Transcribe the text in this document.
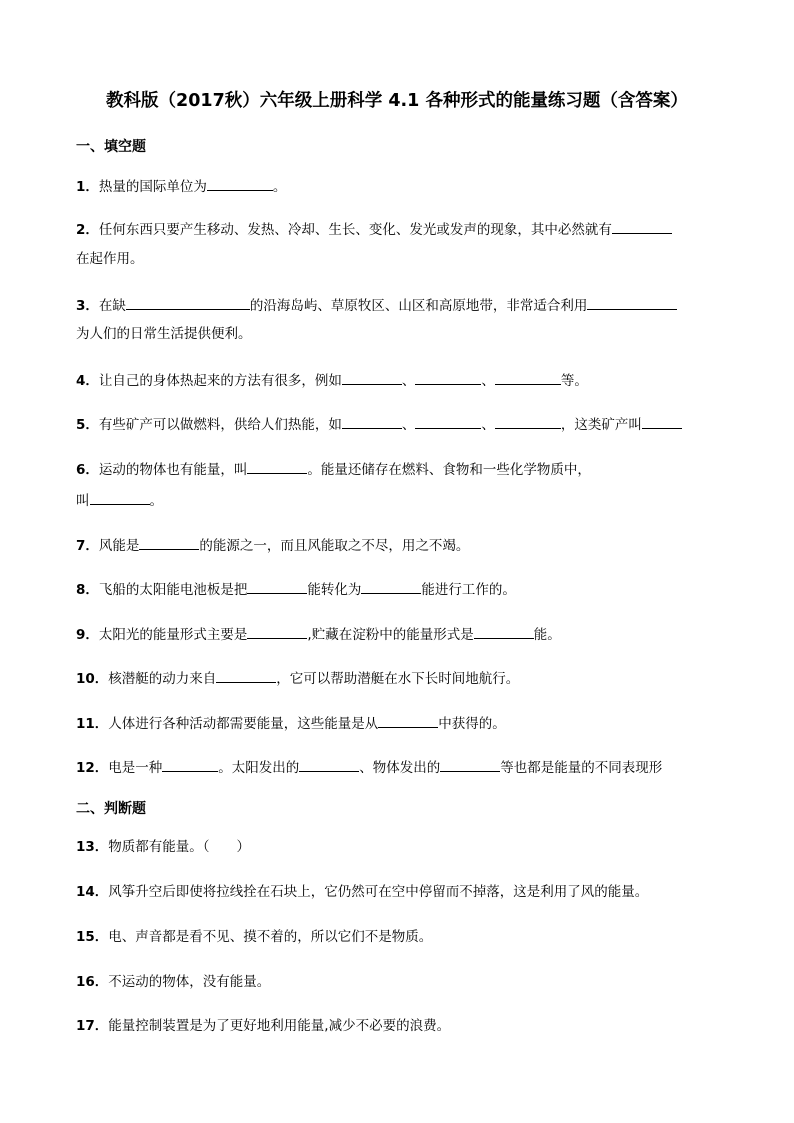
教科版（2017秋）六年级上册科学 4.1 各种形式的能量练习题（含答案）
一、填空题
1．热量的国际单位为	。
2．任何东西只要产生移动、发热、冷却、生长、变化、发光或发声的现象，其中必然就有
在起作用。
3．在缺	的沿海岛屿、草原牧区、山区和高原地带，非常适合利用
为人们的日常生活提供便利。
4．让自己的身体热起来的方法有很多，例如	、	、	等。
5．有些矿产可以做燃料，供给人们热能，如	、	、	，这类矿产叫
6．运动的物体也有能量，叫	。能量还储存在燃料、食物和一些化学物质中，
叫	。
7．风能是	的能源之一，而且风能取之不尽，用之不竭。
8．飞船的太阳能电池板是把	能转化为	能进行工作的。
9．太阳光的能量形式主要是	,贮藏在淀粉中的能量形式是	能。
10．核潜艇的动力来自	，它可以帮助潜艇在水下长时间地航行。
11．人体进行各种活动都需要能量，这些能量是从	中获得的。
12．电是一种	。太阳发出的	、物体发出的	等也都是能量的不同表现形
二、判断题
13．物质都有能量。（　　）
14．风筝升空后即使将拉线拴在石块上，它仍然可在空中停留而不掉落，这是利用了风的能量。
15．电、声音都是看不见、摸不着的，所以它们不是物质。
16．不运动的物体，没有能量。
17．能量控制装置是为了更好地利用能量,减少不必要的浪费。
